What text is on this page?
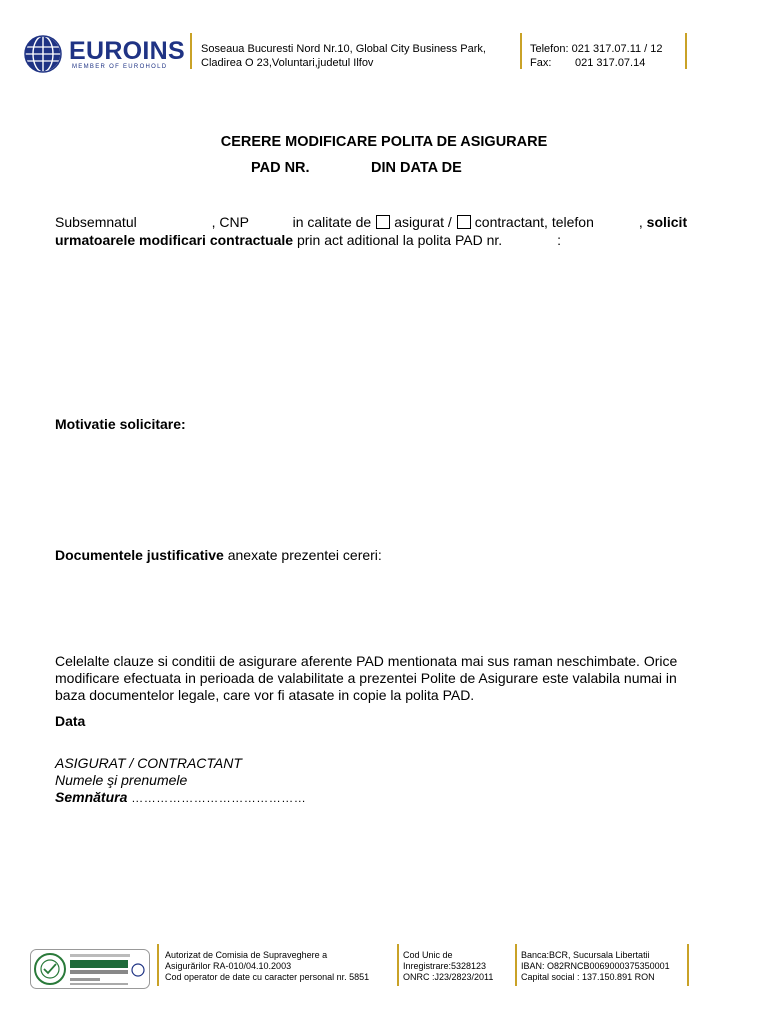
EUROINS
MEMBER OF EUROHOLD
Soseaua Bucuresti Nord Nr.10, Global City Business Park,
Cladirea O 23,Voluntari,judetul Ilfov
Telefon: 021 317.07.11 / 12
Fax:	021 317.07.14
CERERE MODIFICARE POLITA DE ASIGURARE
PAD NR.	DIN DATA DE
Subsemnatul	, CNP	in calitate de asigurat / contractant, telefon	, solicit
urmatoarele modificari contractuale prin act aditional la polita PAD nr.	:
Motivatie solicitare:
Documentele justificative anexate prezentei cereri:
Celelalte clauze si conditii de asigurare aferente PAD mentionata mai sus raman neschimbate. Orice
modificare efectuata in perioada de valabilitate a prezentei Polite de Asigurare este valabila numai in
baza documentelor legale, care vor fi atasate in copie la polita PAD.
Data
ASIGURAT / CONTRACTANT
Numele şi prenumele
Semnătura ……………………………………
Autorizat de Comisia de Supraveghere a
Asigurărilor RA-010/04.10.2003
Cod operator de date cu caracter personal nr. 5851
Cod Unic de
Inregistrare:5328123
ONRC :J23/2823/2011
Banca:BCR, Sucursala Libertatii
IBAN: O82RNCB0069000375350001
Capital social : 137.150.891 RON
